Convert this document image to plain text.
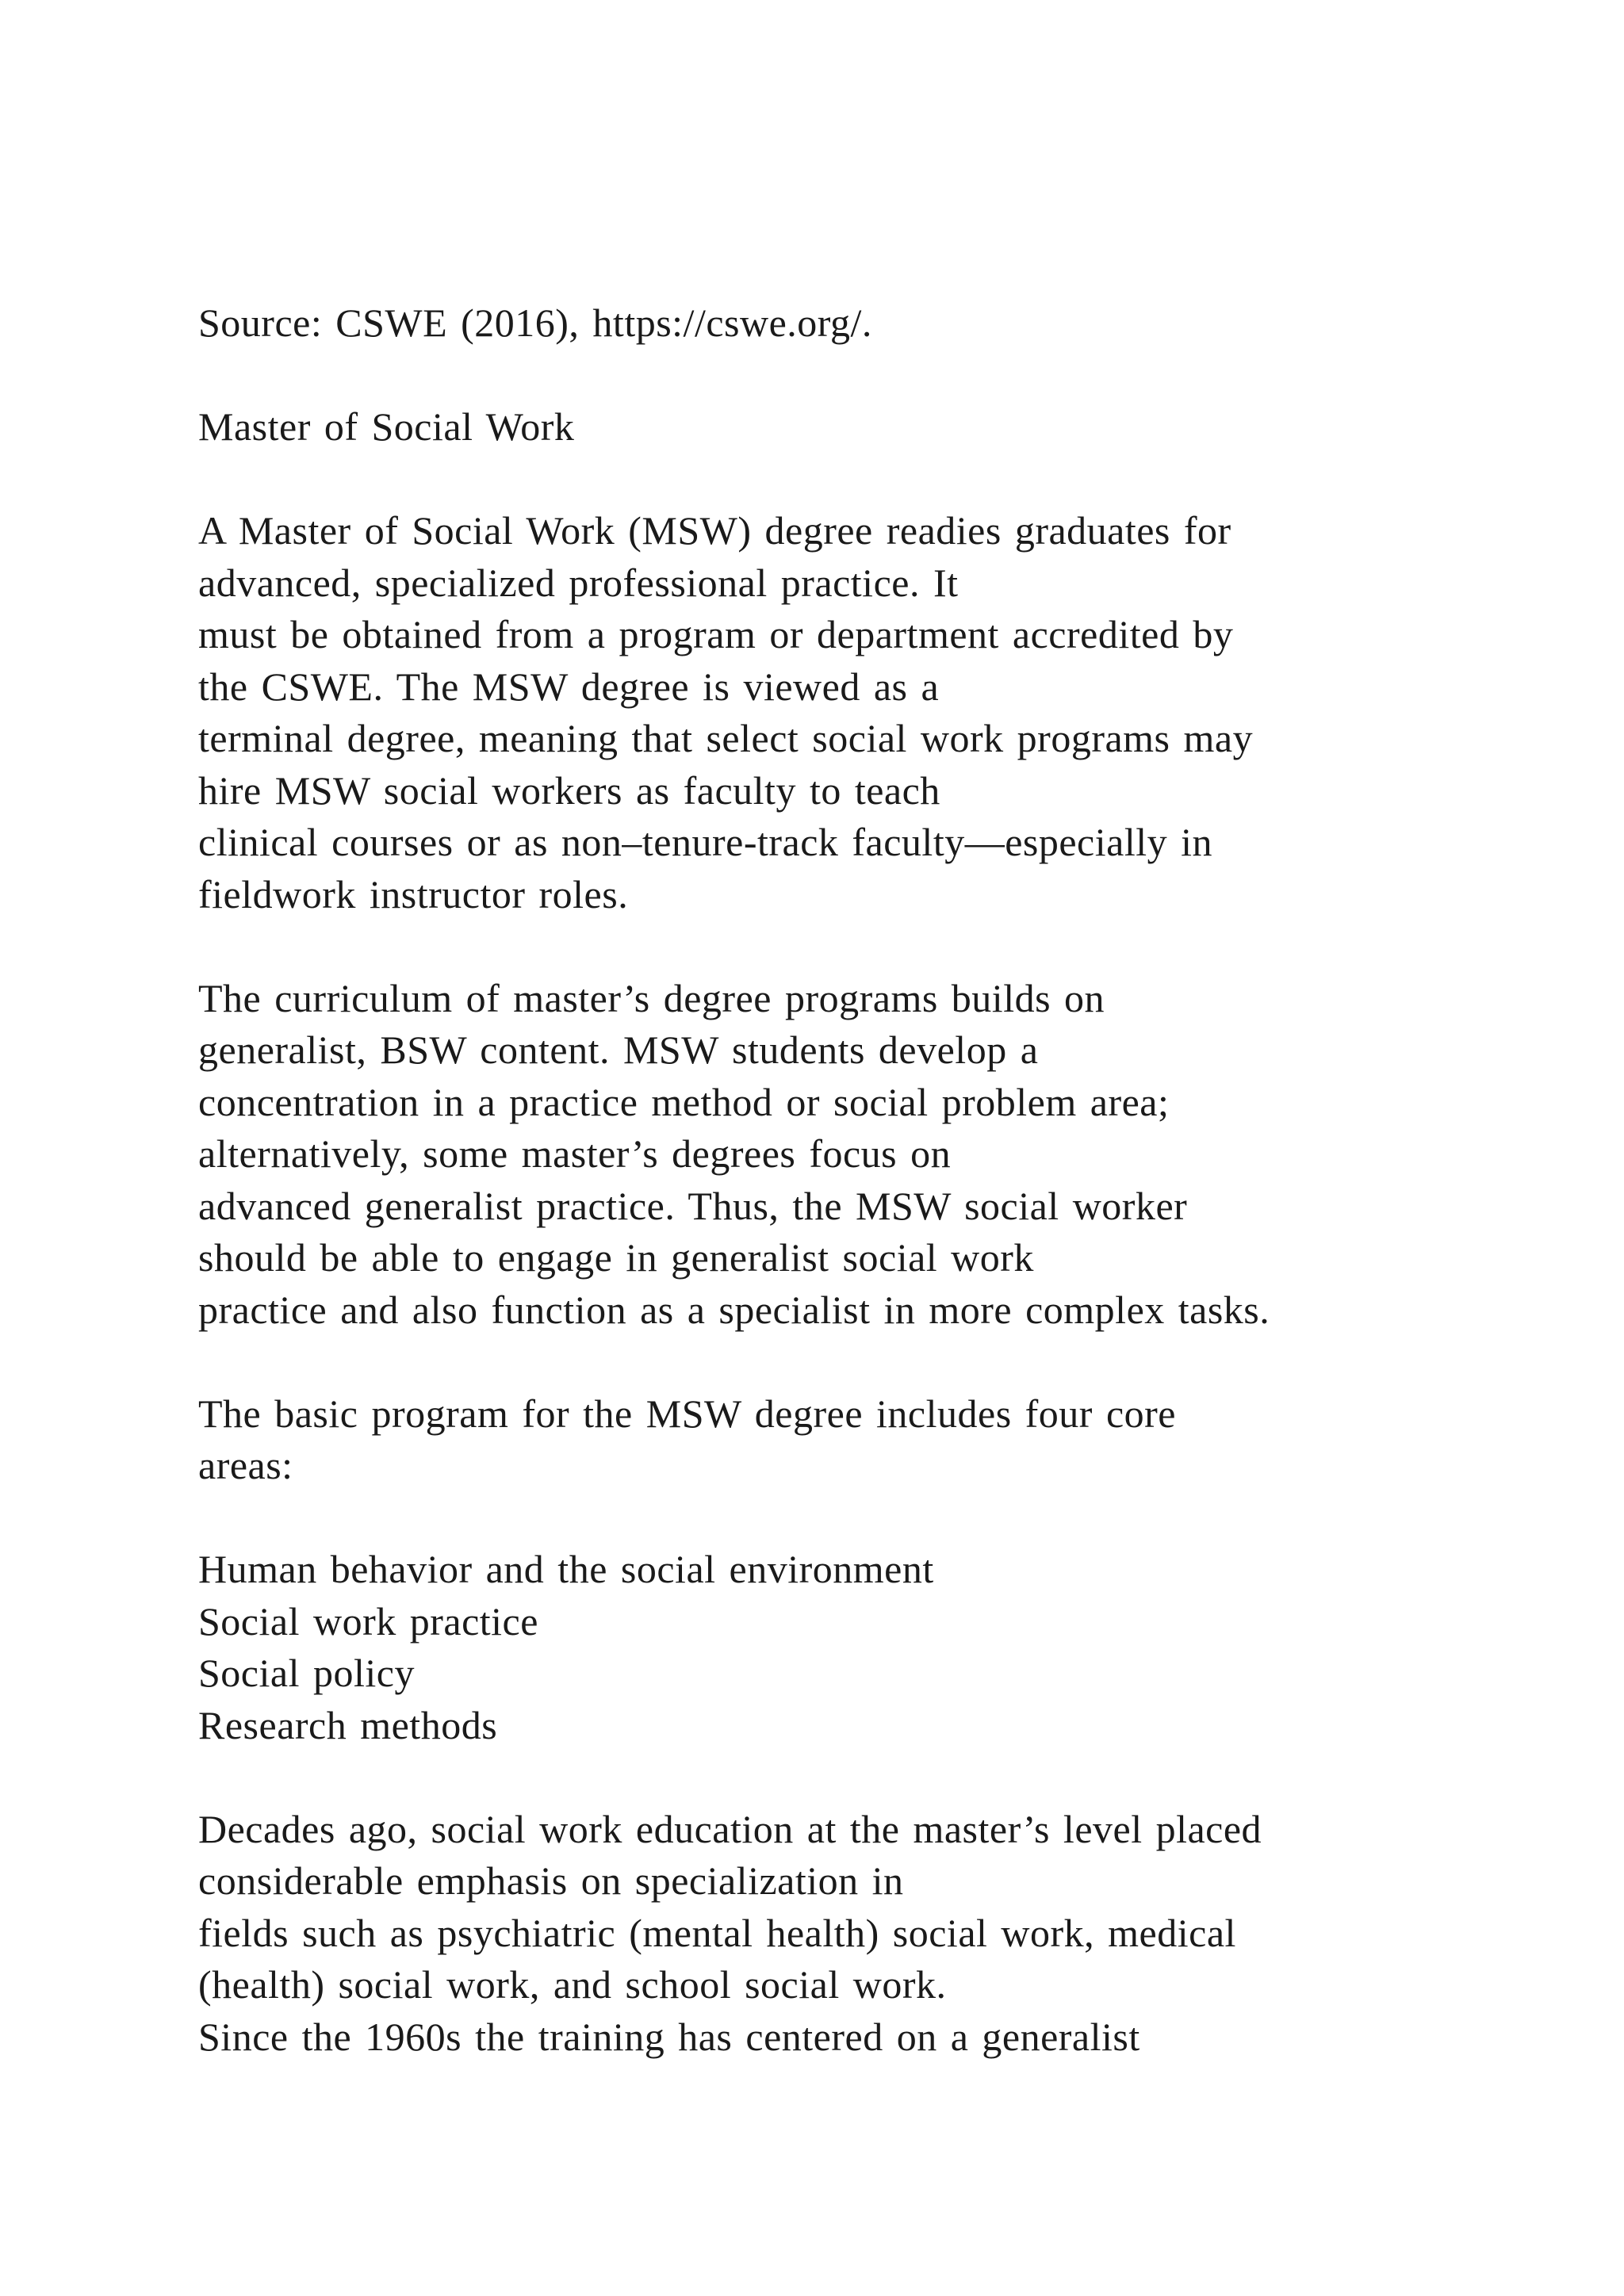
Source: CSWE (2016), https://cswe.org/.

Master of Social Work

A Master of Social Work (MSW) degree readies graduates for
advanced, specialized professional practice. It
must be obtained from a program or department accredited by
the CSWE. The MSW degree is viewed as a
terminal degree, meaning that select social work programs may
hire MSW social workers as faculty to teach
clinical courses or as non–tenure-track faculty—especially in
fieldwork instructor roles.

The curriculum of master’s degree programs builds on
generalist, BSW content. MSW students develop a
concentration in a practice method or social problem area;
alternatively, some master’s degrees focus on
advanced generalist practice. Thus, the MSW social worker
should be able to engage in generalist social work
practice and also function as a specialist in more complex tasks.

The basic program for the MSW degree includes four core
areas:

Human behavior and the social environment
Social work practice
Social policy
Research methods

Decades ago, social work education at the master’s level placed
considerable emphasis on specialization in
fields such as psychiatric (mental health) social work, medical
(health) social work, and school social work.
Since the 1960s the training has centered on a generalist
